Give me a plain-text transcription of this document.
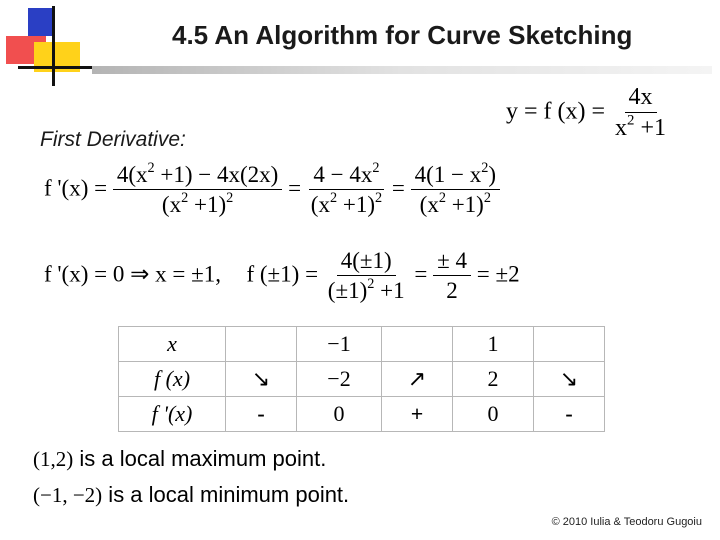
4.5 An Algorithm for Curve Sketching
y = f $(x) = \frac{4x}{x^2 +1}$
First Derivative:
f '$(x) = \frac{4(x^2 +1) - 4x(2x)}{(x^2 +1)^2} = \frac{4 - 4x^2}{(x^2 +1)^2} = \frac{4(1 - x^2)}{(x^2 +1)^2}$
f '(x) = 0 ⇒ x = ±1, f $(\pm 1) = \frac{4(\pm 1)}{(\pm 1)^2 +1} = \frac{\pm 4}{2} = \pm 2$
x		−1		1	
f (x)	↘	−2	↗	2	↘
f '(x)	-	0	+	0	-
(1,2) is a local maximum point.
(−1, −2) is a local minimum point.
© 2010 Iulia & Teodoru Gugoiu
